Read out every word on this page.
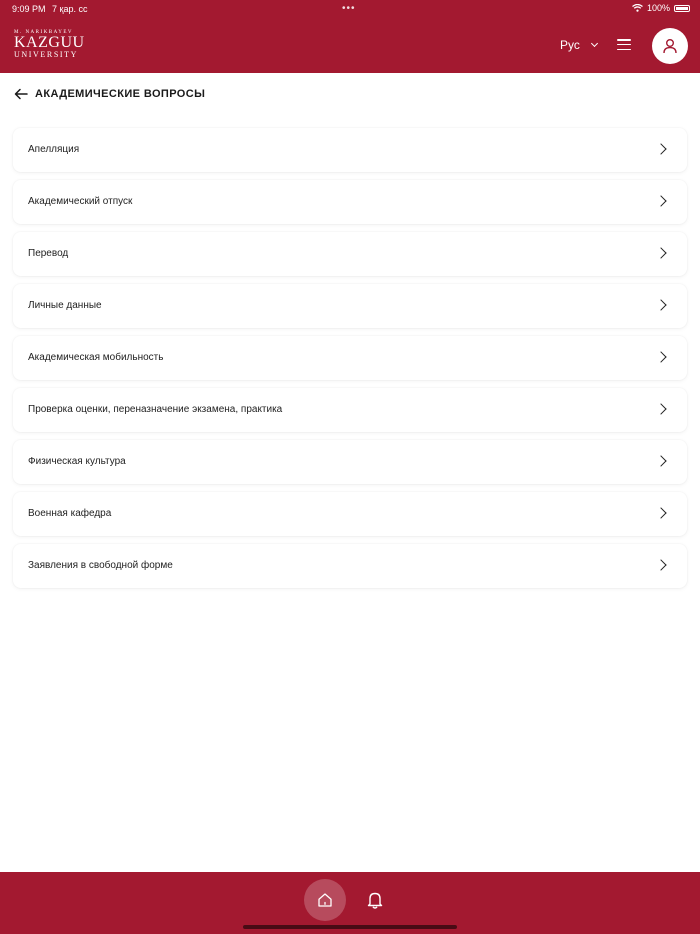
9:09 PM 7 қар. сс	•••	100%
M. NARIKBAYEV
KAZGUU
UNIVERSITY
Рус
АКАДЕМИЧЕСКИЕ ВОПРОСЫ
Апелляция
Академический отпуск
Перевод
Личные данные
Академическая мобильность
Проверка оценки, переназначение экзамена, практика
Физическая культура
Военная кафедра
Заявления в свободной форме
